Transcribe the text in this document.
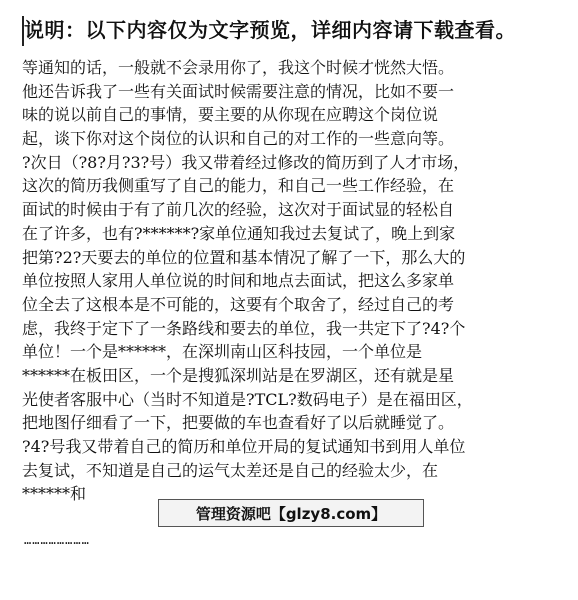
说明：以下内容仅为文字预览，详细内容请下载查看。
等通知的话，一般就不会录用你了，我这个时候才恍然大悟。
他还告诉我了一些有关面试时候需要注意的情况，比如不要一
味的说以前自己的事情，要主要的从你现在应聘这个岗位说
起，谈下你对这个岗位的认识和自己的对工作的一些意向等。
?次日（?8?月?3?号）我又带着经过修改的简历到了人才市场，
这次的简历我侧重写了自己的能力，和自己一些工作经验，在
面试的时候由于有了前几次的经验，这次对于面试显的轻松自
在了许多，也有?******?家单位通知我过去复试了，晚上到家
把第?2?天要去的单位的位置和基本情况了解了一下，那么大的
单位按照人家用人单位说的时间和地点去面试，把这么多家单
位全去了这根本是不可能的，这要有个取舍了，经过自己的考
虑，我终于定下了一条路线和要去的单位，我一共定下了?4?个
单位！一个是******，在深圳南山区科技园，一个单位是
******在板田区，一个是搜狐深圳站是在罗湖区，还有就是星
光使者客服中心（当时不知道是?TCL?数码电子）是在福田区，
把地图仔细看了一下，把要做的车也查看好了以后就睡觉了。
?4?号我又带着自己的简历和单位开局的复试通知书到用人单位
去复试，不知道是自己的运气太差还是自己的经验太少，在
******和
管理资源吧【glzy8.com】
……………………
